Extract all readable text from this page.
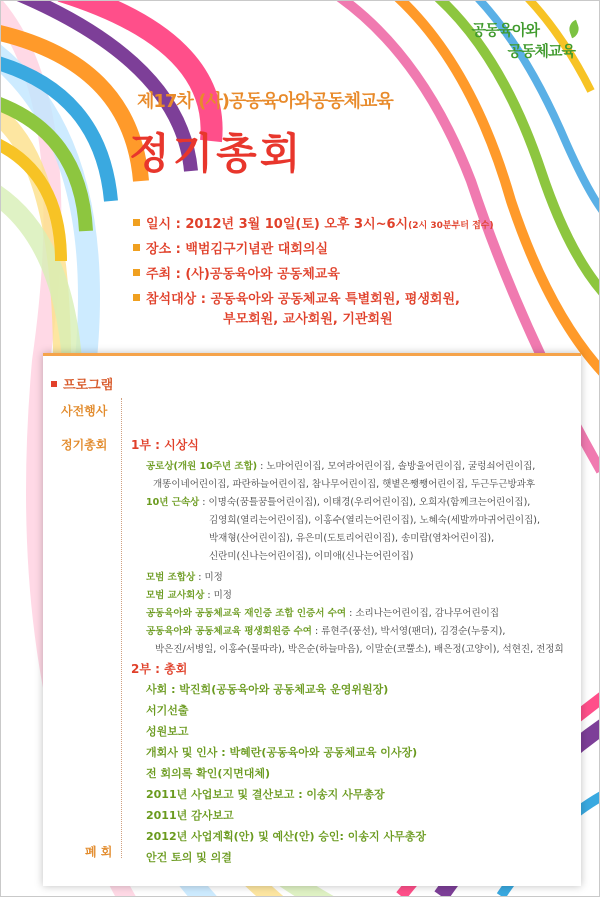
공동육아와
공동체교육
제17차 (사)공동육아와공동체교육
정기총회
일시 : 2012년 3월 10일(토) 오후 3시~6시(2시 30분부터 접수)
장소 : 백범김구기념관 대회의실
주최 : (사)공동육아와 공동체교육
참석대상 : 공동육아와 공동체교육 특별회원, 평생회원,
부모회원, 교사회원, 기관회원
프로그램
사전행사
정기총회
폐 회
1부 : 시상식
공로상(개원 10주년 조합) : 노마어린이집, 모여라어린이집, 솔방울어린이집, 굴렁쇠어린이집,
개똥이네어린이집, 파란하늘어린이집, 참나무어린이집, 햇볕은쨍쨍어린이집, 두근두근방과후
10년 근속상 : 이명숙(꿈틀꿈틀어린이집), 이태경(우리어린이집), 오희자(함께크는어린이집),
김영희(열리는어린이집), 이홍수(열리는어린이집), 노혜숙(세발까마귀어린이집),
박재형(산어린이집), 유은미(도토리어린이집), 송미람(염차어린이집),
신란미(신나는어린이집), 이미애(신나는어린이집)
모범 조합상 : 미정
모범 교사회상 : 미정
공동육아와 공동체교육 재인증 조합 인증서 수여 : 소리나는어린이집, 감나무어린이집
공동육아와 공동체교육 평생회원증 수여 : 류현주(풍선), 박서영(팬더), 김경순(누룽지),
박은진/서병일, 이홍수(물따라), 박은순(하늘마음), 이말순(코뿔소), 배은정(고양이), 석현진, 전정희
2부 : 총회
사회 : 박진희(공동육아와 공동체교육 운영위원장)
서기선출
성원보고
개회사 및 인사 : 박혜란(공동육아와 공동체교육 이사장)
전 회의록 확인(지면대체)
2011년 사업보고 및 결산보고 : 이송지 사무총장
2011년 감사보고
2012년 사업계획(안) 및 예산(안) 승인: 이송지 사무총장
안건 토의 및 의결
